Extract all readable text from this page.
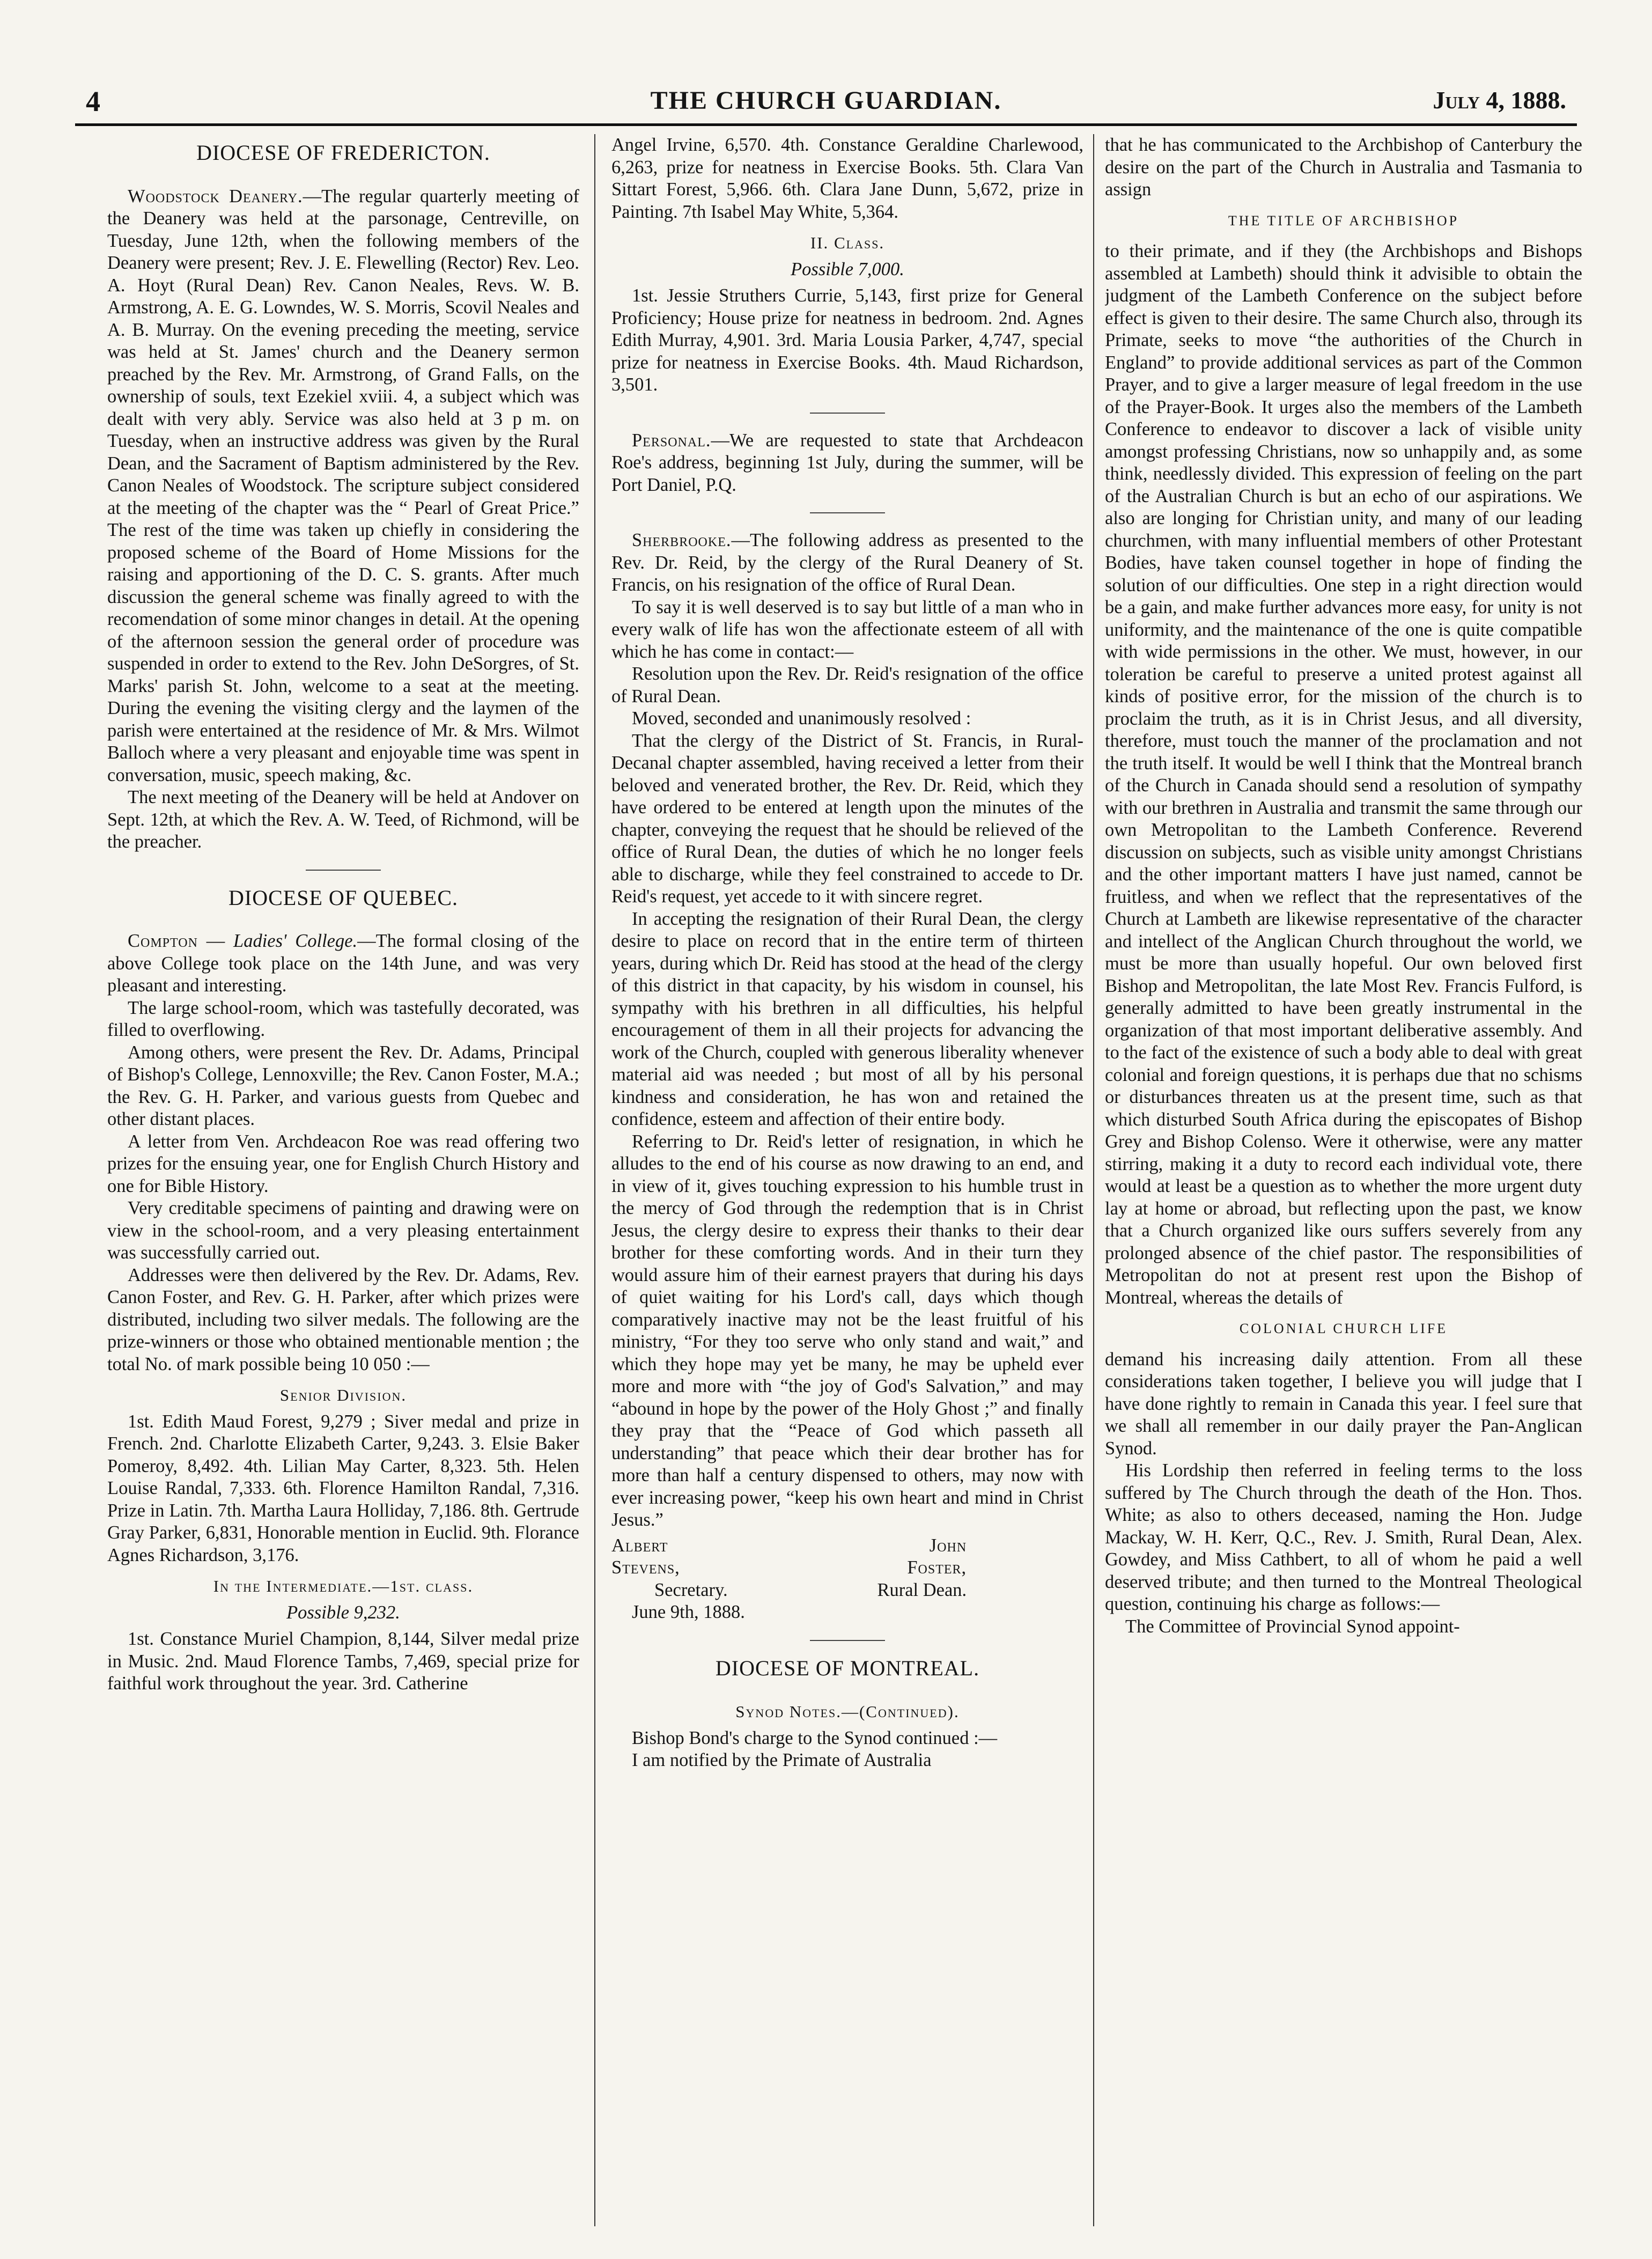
4	THE CHURCH GUARDIAN.	July 4, 1888.
DIOCESE OF FREDERICTON.

Woodstock Deanery.—The regular quarterly meeting of the Deanery was held at the parsonage, Centreville, on Tuesday, June 12th, when the following members of the Deanery were present; Rev. J. E. Flewelling (Rector) Rev. Leo. A. Hoyt (Rural Dean) Rev. Canon Neales, Revs. W. B. Armstrong, A. E. G. Lowndes, W. S. Morris, Scovil Neales and A. B. Murray. On the evening preceding the meeting, service was held at St. James' church and the Deanery sermon preached by the Rev. Mr. Armstrong, of Grand Falls, on the ownership of souls, text Ezekiel xviii. 4, a subject which was dealt with very ably. Service was also held at 3 p m. on Tuesday, when an instructive address was given by the Rural Dean, and the Sacrament of Baptism administered by the Rev. Canon Neales of Woodstock. The scripture subject considered at the meeting of the chapter was the “ Pearl of Great Price.” The rest of the time was taken up chiefly in considering the proposed scheme of the Board of Home Missions for the raising and apportioning of the D. C. S. grants. After much discussion the general scheme was finally agreed to with the recomendation of some minor changes in detail. At the opening of the afternoon session the general order of procedure was suspended in order to extend to the Rev. John DeSorgres, of St. Marks' parish St. John, welcome to a seat at the meeting. During the evening the visiting clergy and the laymen of the parish were entertained at the residence of Mr. & Mrs. Wilmot Balloch where a very pleasant and enjoyable time was spent in conversation, music, speech making, &c.

The next meeting of the Deanery will be held at Andover on Sept. 12th, at which the Rev. A. W. Teed, of Richmond, will be the preacher.

DIOCESE OF QUEBEC.

Compton — Ladies' College.—The formal closing of the above College took place on the 14th June, and was very pleasant and interesting.

The large school-room, which was tastefully decorated, was filled to overflowing.

Among others, were present the Rev. Dr. Adams, Principal of Bishop's College, Lennoxville; the Rev. Canon Foster, M.A.; the Rev. G. H. Parker, and various guests from Quebec and other distant places.

A letter from Ven. Archdeacon Roe was read offering two prizes for the ensuing year, one for English Church History and one for Bible History.

Very creditable specimens of painting and drawing were on view in the school-room, and a very pleasing entertainment was successfully carried out.

Addresses were then delivered by the Rev. Dr. Adams, Rev. Canon Foster, and Rev. G. H. Parker, after which prizes were distributed, including two silver medals. The following are the prize-winners or those who obtained mentionable mention ; the total No. of mark possible being 10 050 :—

Senior Division.

1st. Edith Maud Forest, 9,279 ; Siver medal and prize in French. 2nd. Charlotte Elizabeth Carter, 9,243. 3. Elsie Baker Pomeroy, 8,492. 4th. Lilian May Carter, 8,323. 5th. Helen Louise Randal, 7,333. 6th. Florence Hamilton Randal, 7,316. Prize in Latin. 7th. Martha Laura Holliday, 7,186. 8th. Gertrude Gray Parker, 6,831, Honorable mention in Euclid. 9th. Florance Agnes Richardson, 3,176.

In the Intermediate.—1st. class.
Possible 9,232.

1st. Constance Muriel Champion, 8,144, Silver medal prize in Music. 2nd. Maud Florence Tambs, 7,469, special prize for faithful work throughout the year. 3rd. Catherine

Angel Irvine, 6,570. 4th. Constance Geraldine Charlewood, 6,263, prize for neatness in Exercise Books. 5th. Clara Van Sittart Forest, 5,966. 6th. Clara Jane Dunn, 5,672, prize in Painting. 7th Isabel May White, 5,364.

II. Class.
Possible 7,000.

1st. Jessie Struthers Currie, 5,143, first prize for General Proficiency; House prize for neatness in bedroom. 2nd. Agnes Edith Murray, 4,901. 3rd. Maria Lousia Parker, 4,747, special prize for neatness in Exercise Books. 4th. Maud Richardson, 3,501.

Personal.—We are requested to state that Archdeacon Roe's address, beginning 1st July, during the summer, will be Port Daniel, P.Q.

Sherbrooke.—The following address as presented to the Rev. Dr. Reid, by the clergy of the Rural Deanery of St. Francis, on his resignation of the office of Rural Dean.

To say it is well deserved is to say but little of a man who in every walk of life has won the affectionate esteem of all with which he has come in contact:—

Resolution upon the Rev. Dr. Reid's resignation of the office of Rural Dean.

Moved, seconded and unanimously resolved :

That the clergy of the District of St. Francis, in Rural-Decanal chapter assembled, having received a letter from their beloved and venerated brother, the Rev. Dr. Reid, which they have ordered to be entered at length upon the minutes of the chapter, conveying the request that he should be relieved of the office of Rural Dean, the duties of which he no longer feels able to discharge, while they feel constrained to accede to Dr. Reid's request, yet accede to it with sincere regret.

In accepting the resignation of their Rural Dean, the clergy desire to place on record that in the entire term of thirteen years, during which Dr. Reid has stood at the head of the clergy of this district in that capacity, by his wisdom in counsel, his sympathy with his brethren in all difficulties, his helpful encouragement of them in all their projects for advancing the work of the Church, coupled with generous liberality whenever material aid was needed ; but most of all by his personal kindness and consideration, he has won and retained the confidence, esteem and affection of their entire body.

Referring to Dr. Reid's letter of resignation, in which he alludes to the end of his course as now drawing to an end, and in view of it, gives touching expression to his humble trust in the mercy of God through the redemption that is in Christ Jesus, the clergy desire to express their thanks to their dear brother for these comforting words. And in their turn they would assure him of their earnest prayers that during his days of quiet waiting for his Lord's call, days which though comparatively inactive may not be the least fruitful of his ministry, “For they too serve who only stand and wait,” and which they hope may yet be many, he may be upheld ever more and more with “the joy of God's Salvation,” and may “abound in hope by the power of the Holy Ghost ;” and finally they pray that the “Peace of God which passeth all understanding” that peace which their dear brother has for more than half a century dispensed to others, may now with ever increasing power, “keep his own heart and mind in Christ Jesus.”

Albert Stevens,
Secretary.
John Foster,
Rural Dean.
June 9th, 1888.
DIOCESE OF MONTREAL.
Synod Notes.—(Continued).

Bishop Bond's charge to the Synod continued :—

I am notified by the Primate of Australia

that he has communicated to the Archbishop of Canterbury the desire on the part of the Church in Australia and Tasmania to assign

THE TITLE OF ARCHBISHOP

to their primate, and if they (the Archbishops and Bishops assembled at Lambeth) should think it advisible to obtain the judgment of the Lambeth Conference on the subject before effect is given to their desire. The same Church also, through its Primate, seeks to move “the authorities of the Church in England” to provide additional services as part of the Common Prayer, and to give a larger measure of legal freedom in the use of the Prayer-Book. It urges also the members of the Lambeth Conference to endeavor to discover a lack of visible unity amongst professing Christians, now so unhappily and, as some think, needlessly divided. This expression of feeling on the part of the Australian Church is but an echo of our aspirations. We also are longing for Christian unity, and many of our leading churchmen, with many influential members of other Protestant Bodies, have taken counsel together in hope of finding the solution of our difficulties. One step in a right direction would be a gain, and make further advances more easy, for unity is not uniformity, and the maintenance of the one is quite compatible with wide permissions in the other. We must, however, in our toleration be careful to preserve a united protest against all kinds of positive error, for the mission of the church is to proclaim the truth, as it is in Christ Jesus, and all diversity, therefore, must touch the manner of the proclamation and not the truth itself. It would be well I think that the Montreal branch of the Church in Canada should send a resolution of sympathy with our brethren in Australia and transmit the same through our own Metropolitan to the Lambeth Conference. Reverend discussion on subjects, such as visible unity amongst Christians and the other important matters I have just named, cannot be fruitless, and when we reflect that the representatives of the Church at Lambeth are likewise representative of the character and intellect of the Anglican Church throughout the world, we must be more than usually hopeful. Our own beloved first Bishop and Metropolitan, the late Most Rev. Francis Fulford, is generally admitted to have been greatly instrumental in the organization of that most important deliberative assembly. And to the fact of the existence of such a body able to deal with great colonial and foreign questions, it is perhaps due that no schisms or disturbances threaten us at the present time, such as that which disturbed South Africa during the episcopates of Bishop Grey and Bishop Colenso. Were it otherwise, were any matter stirring, making it a duty to record each individual vote, there would at least be a question as to whether the more urgent duty lay at home or abroad, but reflecting upon the past, we know that a Church organized like ours suffers severely from any prolonged absence of the chief pastor. The responsibilities of Metropolitan do not at present rest upon the Bishop of Montreal, whereas the details of

COLONIAL CHURCH LIFE

demand his increasing daily attention. From all these considerations taken together, I believe you will judge that I have done rightly to remain in Canada this year. I feel sure that we shall all remember in our daily prayer the Pan-Anglican Synod.

His Lordship then referred in feeling terms to the loss suffered by The Church through the death of the Hon. Thos. White; as also to others deceased, naming the Hon. Judge Mackay, W. H. Kerr, Q.C., Rev. J. Smith, Rural Dean, Alex. Gowdey, and Miss Cathbert, to all of whom he paid a well deserved tribute; and then turned to the Montreal Theological question, continuing his charge as follows:—

The Committee of Provincial Synod appoint-
